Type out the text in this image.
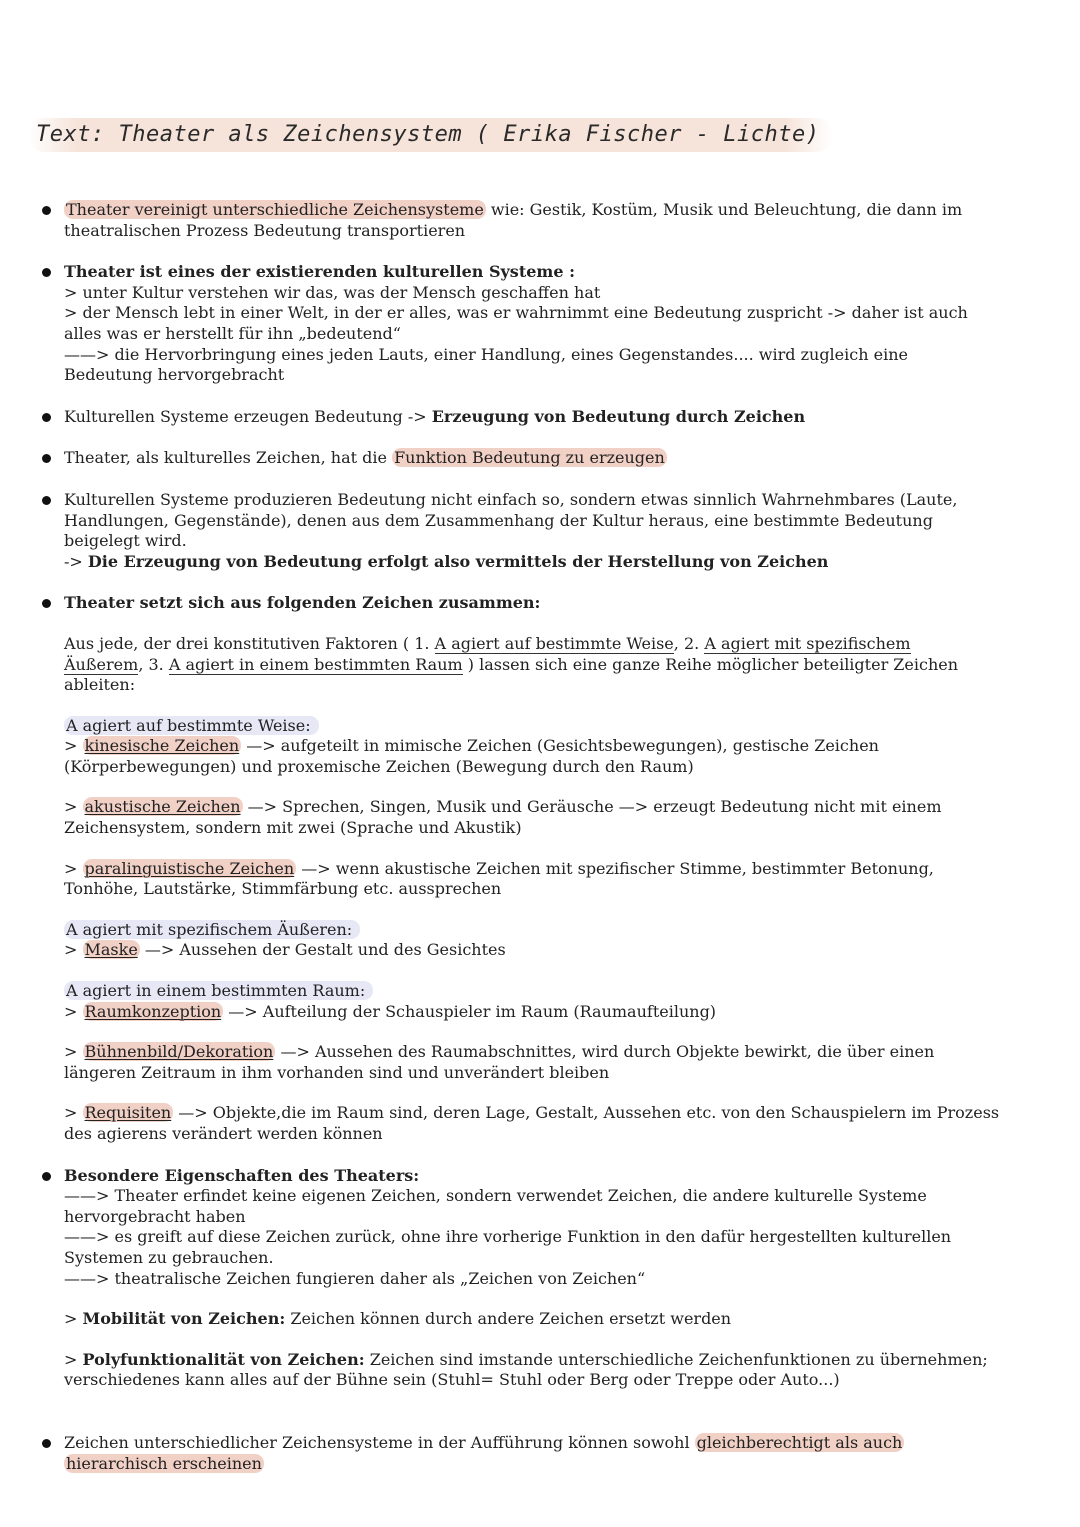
Text: Theater als Zeichensystem ( Erika Fischer - Lichte)
Theater vereinigt unterschiedliche Zeichensysteme wie: Gestik, Kostüm, Musik und Beleuchtung, die dann im
theatralischen Prozess Bedeutung transportieren
Theater ist eines der existierenden kulturellen Systeme :
> unter Kultur verstehen wir das, was der Mensch geschaffen hat
> der Mensch lebt in einer Welt, in der er alles, was er wahrnimmt eine Bedeutung zuspricht -> daher ist auch
alles was er herstellt für ihn „bedeutend“
——> die Hervorbringung eines jeden Lauts, einer Handlung, eines Gegenstandes.... wird zugleich eine
Bedeutung hervorgebracht
Kulturellen Systeme erzeugen Bedeutung -> Erzeugung von Bedeutung durch Zeichen
Theater, als kulturelles Zeichen, hat die Funktion Bedeutung zu erzeugen
Kulturellen Systeme produzieren Bedeutung nicht einfach so, sondern etwas sinnlich Wahrnehmbares (Laute,
Handlungen, Gegenstände), denen aus dem Zusammenhang der Kultur heraus, eine bestimmte Bedeutung
beigelegt wird.
-> Die Erzeugung von Bedeutung erfolgt also vermittels der Herstellung von Zeichen
Theater setzt sich aus folgenden Zeichen zusammen:
Aus jede, der drei konstitutiven Faktoren ( 1. A agiert auf bestimmte Weise, 2. A agiert mit spezifischem
Äußerem, 3. A agiert in einem bestimmten Raum ) lassen sich eine ganze Reihe möglicher beteiligter Zeichen
ableiten:
A agiert auf bestimmte Weise:
> kinesische Zeichen —> aufgeteilt in mimische Zeichen (Gesichtsbewegungen), gestische Zeichen
(Körperbewegungen) und proxemische Zeichen (Bewegung durch den Raum)
> akustische Zeichen —> Sprechen, Singen, Musik und Geräusche —> erzeugt Bedeutung nicht mit einem
Zeichensystem, sondern mit zwei (Sprache und Akustik)
> paralinguistische Zeichen —> wenn akustische Zeichen mit spezifischer Stimme, bestimmter Betonung,
Tonhöhe, Lautstärke, Stimmfärbung etc. aussprechen
A agiert mit spezifischem Äußeren:
> Maske —> Aussehen der Gestalt und des Gesichtes
A agiert in einem bestimmten Raum:
> Raumkonzeption —> Aufteilung der Schauspieler im Raum (Raumaufteilung)
> Bühnenbild/Dekoration —> Aussehen des Raumabschnittes, wird durch Objekte bewirkt, die über einen
längeren Zeitraum in ihm vorhanden sind und unverändert bleiben
> Requisiten —> Objekte,die im Raum sind, deren Lage, Gestalt, Aussehen etc. von den Schauspielern im Prozess
des agierens verändert werden können
Besondere Eigenschaften des Theaters:
——> Theater erfindet keine eigenen Zeichen, sondern verwendet Zeichen, die andere kulturelle Systeme
hervorgebracht haben
——> es greift auf diese Zeichen zurück, ohne ihre vorherige Funktion in den dafür hergestellten kulturellen
Systemen zu gebrauchen.
——> theatralische Zeichen fungieren daher als „Zeichen von Zeichen“
> Mobilität von Zeichen: Zeichen können durch andere Zeichen ersetzt werden
> Polyfunktionalität von Zeichen: Zeichen sind imstande unterschiedliche Zeichenfunktionen zu übernehmen;
verschiedenes kann alles auf der Bühne sein (Stuhl= Stuhl oder Berg oder Treppe oder Auto...)
Zeichen unterschiedlicher Zeichensysteme in der Aufführung können sowohl gleichberechtigt als auch
hierarchisch erscheinen
